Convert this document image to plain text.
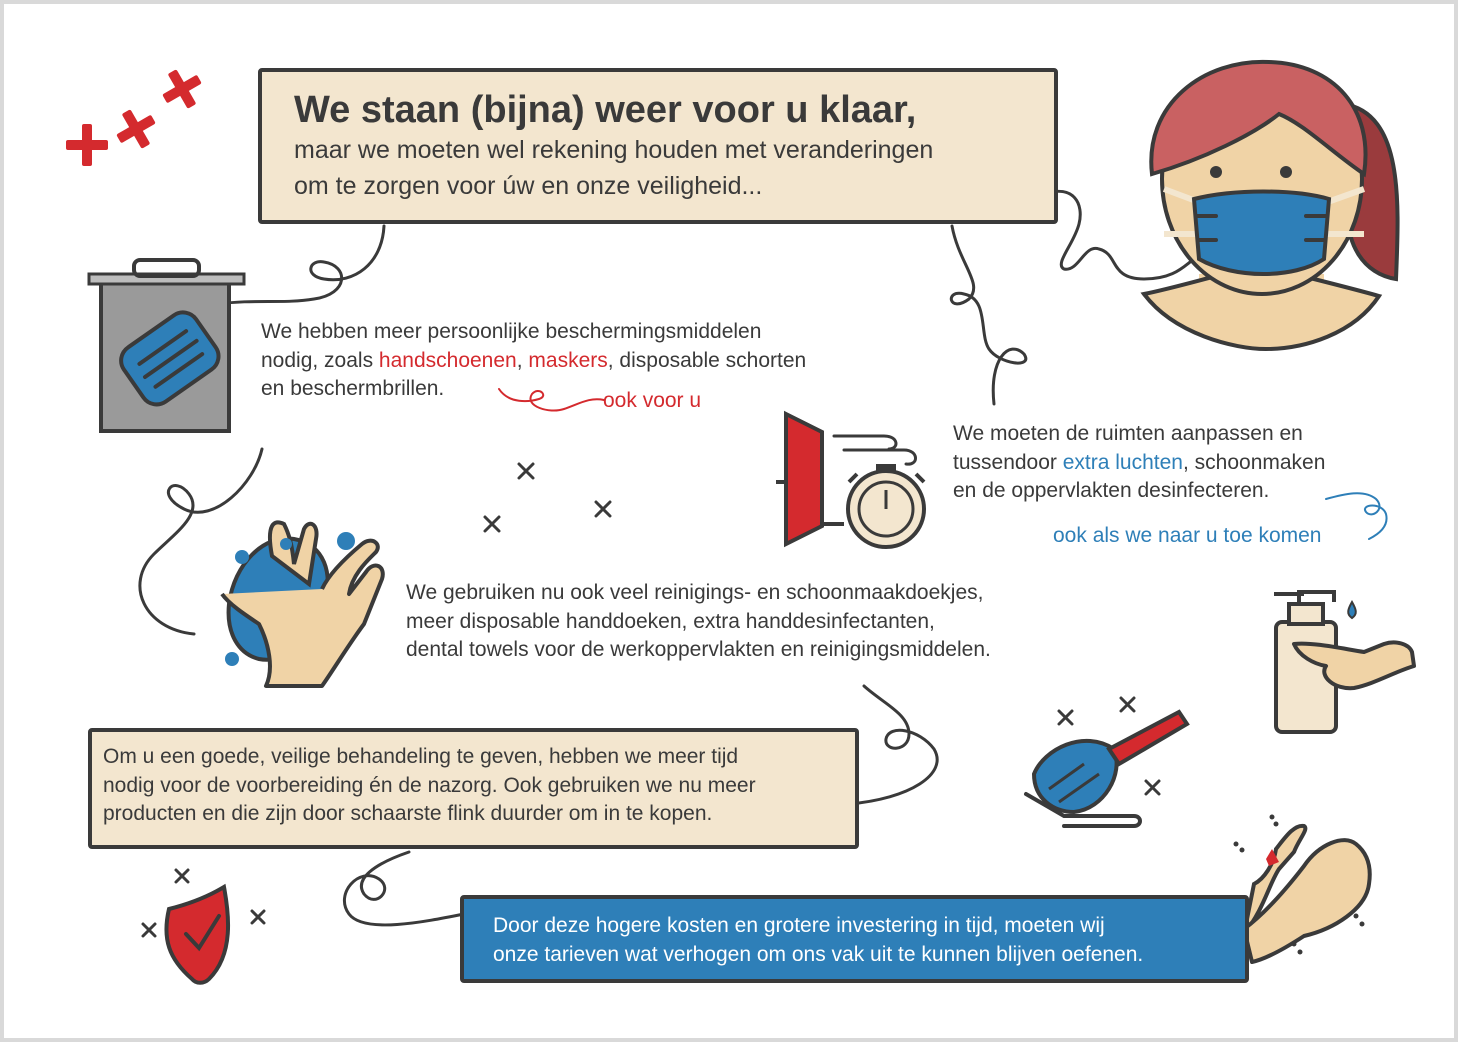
We staan (bijna) weer voor u klaar,
maar we moeten wel rekening houden met veranderingen
om te zorgen voor úw en onze veiligheid...
We hebben meer persoonlijke beschermingsmiddelen
nodig, zoals handschoenen, maskers, disposable schorten
en beschermbrillen.
ook voor u
We moeten de ruimten aanpassen en
tussendoor extra luchten, schoonmaken
en de oppervlakten desinfecteren.
ook als we naar u toe komen
We gebruiken nu ook veel reinigings- en schoonmaakdoekjes,
meer disposable handdoeken, extra handdesinfectanten,
dental towels voor de werkoppervlakten en reinigingsmiddelen.
Om u een goede, veilige behandeling te geven, hebben we meer tijd
nodig voor de voorbereiding én de nazorg. Ook gebruiken we nu meer
producten en die zijn door schaarste flink duurder om in te kopen.
Door deze hogere kosten en grotere investering in tijd, moeten wij
onze tarieven wat verhogen om ons vak uit te kunnen blijven oefenen.
